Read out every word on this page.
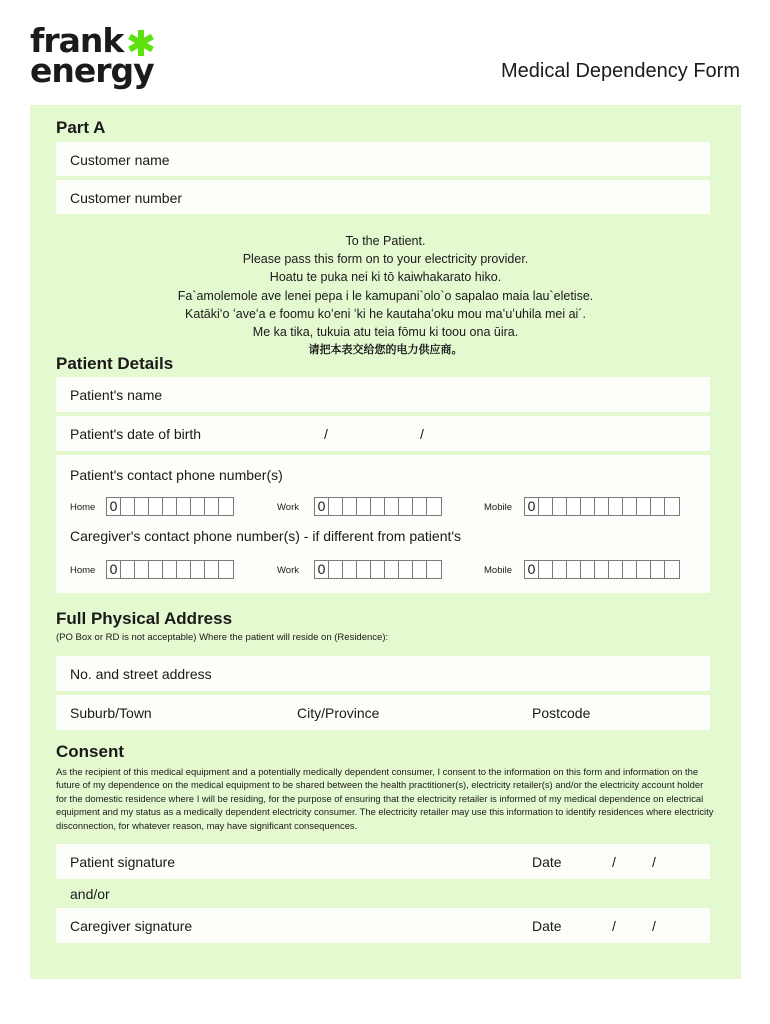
frank
energy	Medical Dependency Form
Part A
Customer name
Customer number
To the Patient.
Please pass this form on to your electricity provider.
Hoatu te puka nei ki tō kaiwhakarato hiko.
Fa`amolemole ave lenei pepa i le kamupani`olo`o sapalao maia lau`eletise.
Katākiʻo ʻaveʻa e foomu koʻeni ʻki he kautahaʻoku mou maʻuʻuhila mei ai´.
Me ka tika, tukuia atu teia fōmu ki toou ona ūira.
请把本表交给您的电力供应商。
Patient Details
Patient's name
Patient's date of birth	/	/
Patient's contact phone number(s)
Home 0	Work 0	Mobile 0
Caregiver's contact phone number(s) - if different from patient's
Home 0	Work 0	Mobile 0
Full Physical Address
(PO Box or RD is not acceptable) Where the patient will reside on (Residence):
No. and street address
Suburb/Town	City/Province	Postcode
Consent
As the recipient of this medical equipment and a potentially medically dependent consumer, I consent to the information on this form and information on the future of my dependence on the medical equipment to be shared between the health practitioner(s), electricity retailer(s) and/or the electricity account holder for the domestic residence where I will be residing, for the purpose of ensuring that the electricity retailer is informed of my medical dependence on electrical equipment and my status as a medically dependent electricity consumer. The electricity retailer may use this information to identify residences where electricity disconnection, for whatever reason, may have significant consequences.
Patient signature	Date	/	/
and/or
Caregiver signature	Date	/	/
